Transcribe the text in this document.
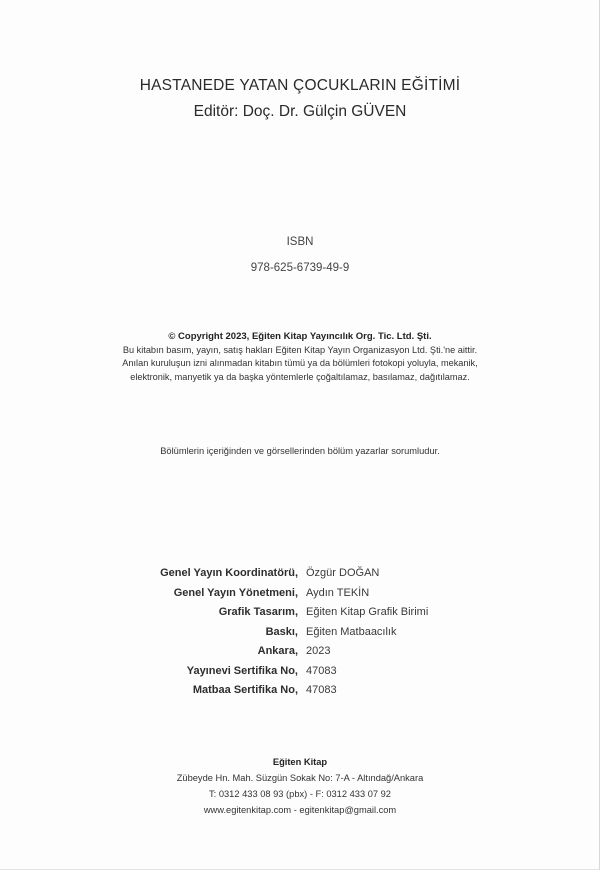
HASTANEDE YATAN ÇOCUKLARIN EĞİTİMİ
Editör: Doç. Dr. Gülçin GÜVEN
ISBN
978-625-6739-49-9
© Copyright 2023, Eğiten Kitap Yayıncılık Org. Tic. Ltd. Şti.
Bu kitabın basım, yayın, satış hakları Eğiten Kitap Yayın Organizasyon Ltd. Şti.'ne aittir.
Anılan kuruluşun izni alınmadan kitabın tümü ya da bölümleri fotokopi yoluyla, mekanik,
elektronik, manyetik ya da başka yöntemlerle çoğaltılamaz, basılamaz, dağıtılamaz.
Bölümlerin içeriğinden ve görsellerinden bölüm yazarlar sorumludur.
Genel Yayın Koordinatörü, Özgür DOĞAN
Genel Yayın Yönetmeni, Aydın TEKİN
Grafik Tasarım, Eğiten Kitap Grafik Birimi
Baskı, Eğiten Matbaacılık
Ankara, 2023
Yayınevi Sertifika No, 47083
Matbaa Sertifika No, 47083
Eğiten Kitap
Zübeyde Hn. Mah. Süzgün Sokak No: 7-A - Altındağ/Ankara
T: 0312 433 08 93 (pbx) - F: 0312 433 07 92
www.egitenkitap.com - egitenkitap@gmail.com
